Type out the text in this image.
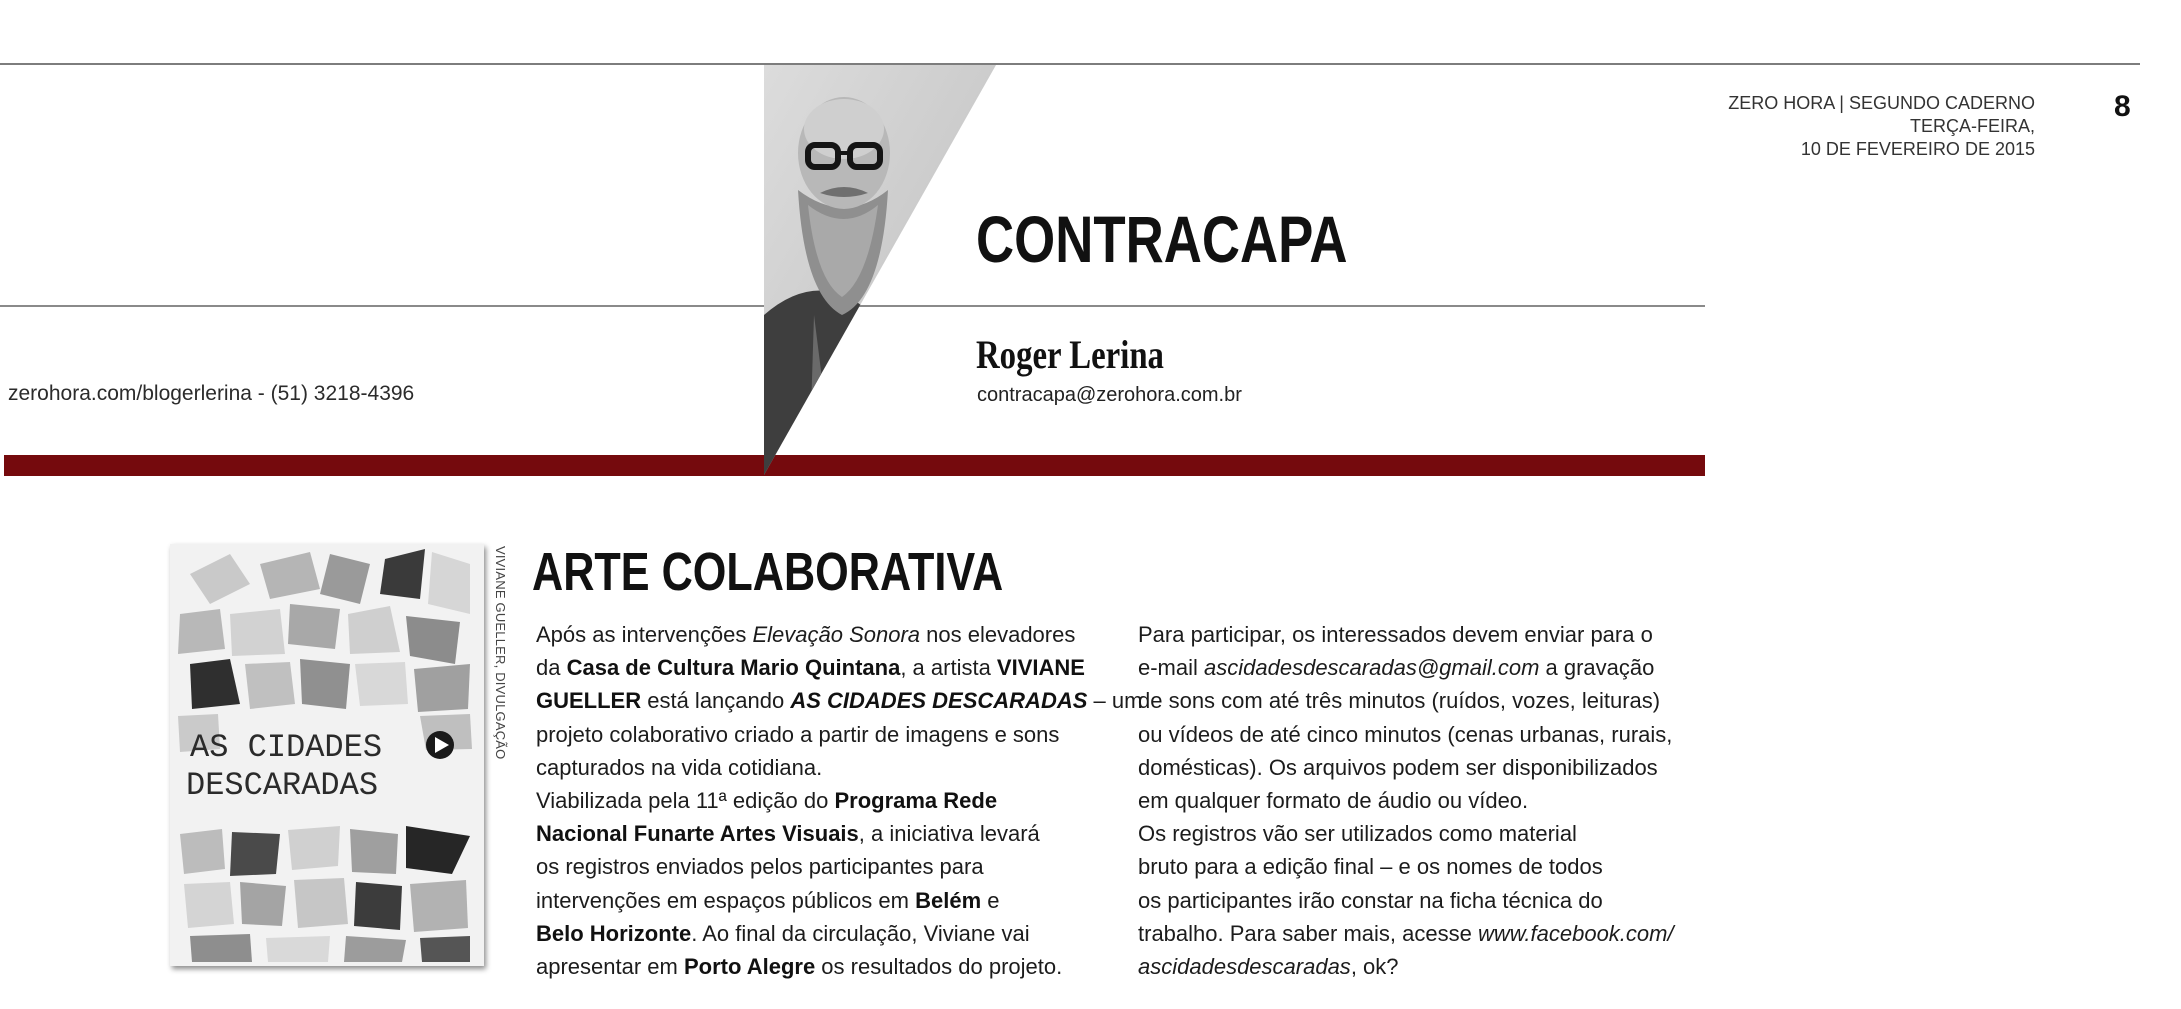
zerohora.com/blogerlerina - (51) 3218-4396
CONTRACAPA
Roger Lerina
contracapa@zerohora.com.br
ZERO HORA | SEGUNDO CADERNO
TERÇA-FEIRA,
10 DE FEVEREIRO DE 2015
8
AS CIDADES
DESCARADAS
VIVIANE GUELLER, DIVULGAÇÃO ARTE COLABORATIVA
Após as intervenções Elevação Sonora nos elevadores
da Casa de Cultura Mario Quintana, a artista VIVIANE
GUELLER está lançando AS CIDADES DESCARADAS – um
projeto colaborativo criado a partir de imagens e sons
capturados na vida cotidiana.
Viabilizada pela 11ª edição do Programa Rede
Nacional Funarte Artes Visuais, a iniciativa levará
os registros enviados pelos participantes para
intervenções em espaços públicos em Belém e
Belo Horizonte. Ao final da circulação, Viviane vai
apresentar em Porto Alegre os resultados do projeto.
Para participar, os interessados devem enviar para o
e-mail ascidadesdescaradas@gmail.com a gravação
de sons com até três minutos (ruídos, vozes, leituras)
ou vídeos de até cinco minutos (cenas urbanas, rurais,
domésticas). Os arquivos podem ser disponibilizados
em qualquer formato de áudio ou vídeo.
Os registros vão ser utilizados como material
bruto para a edição final – e os nomes de todos
os participantes irão constar na ficha técnica do
trabalho. Para saber mais, acesse www.facebook.com/
ascidadesdescaradas, ok?
